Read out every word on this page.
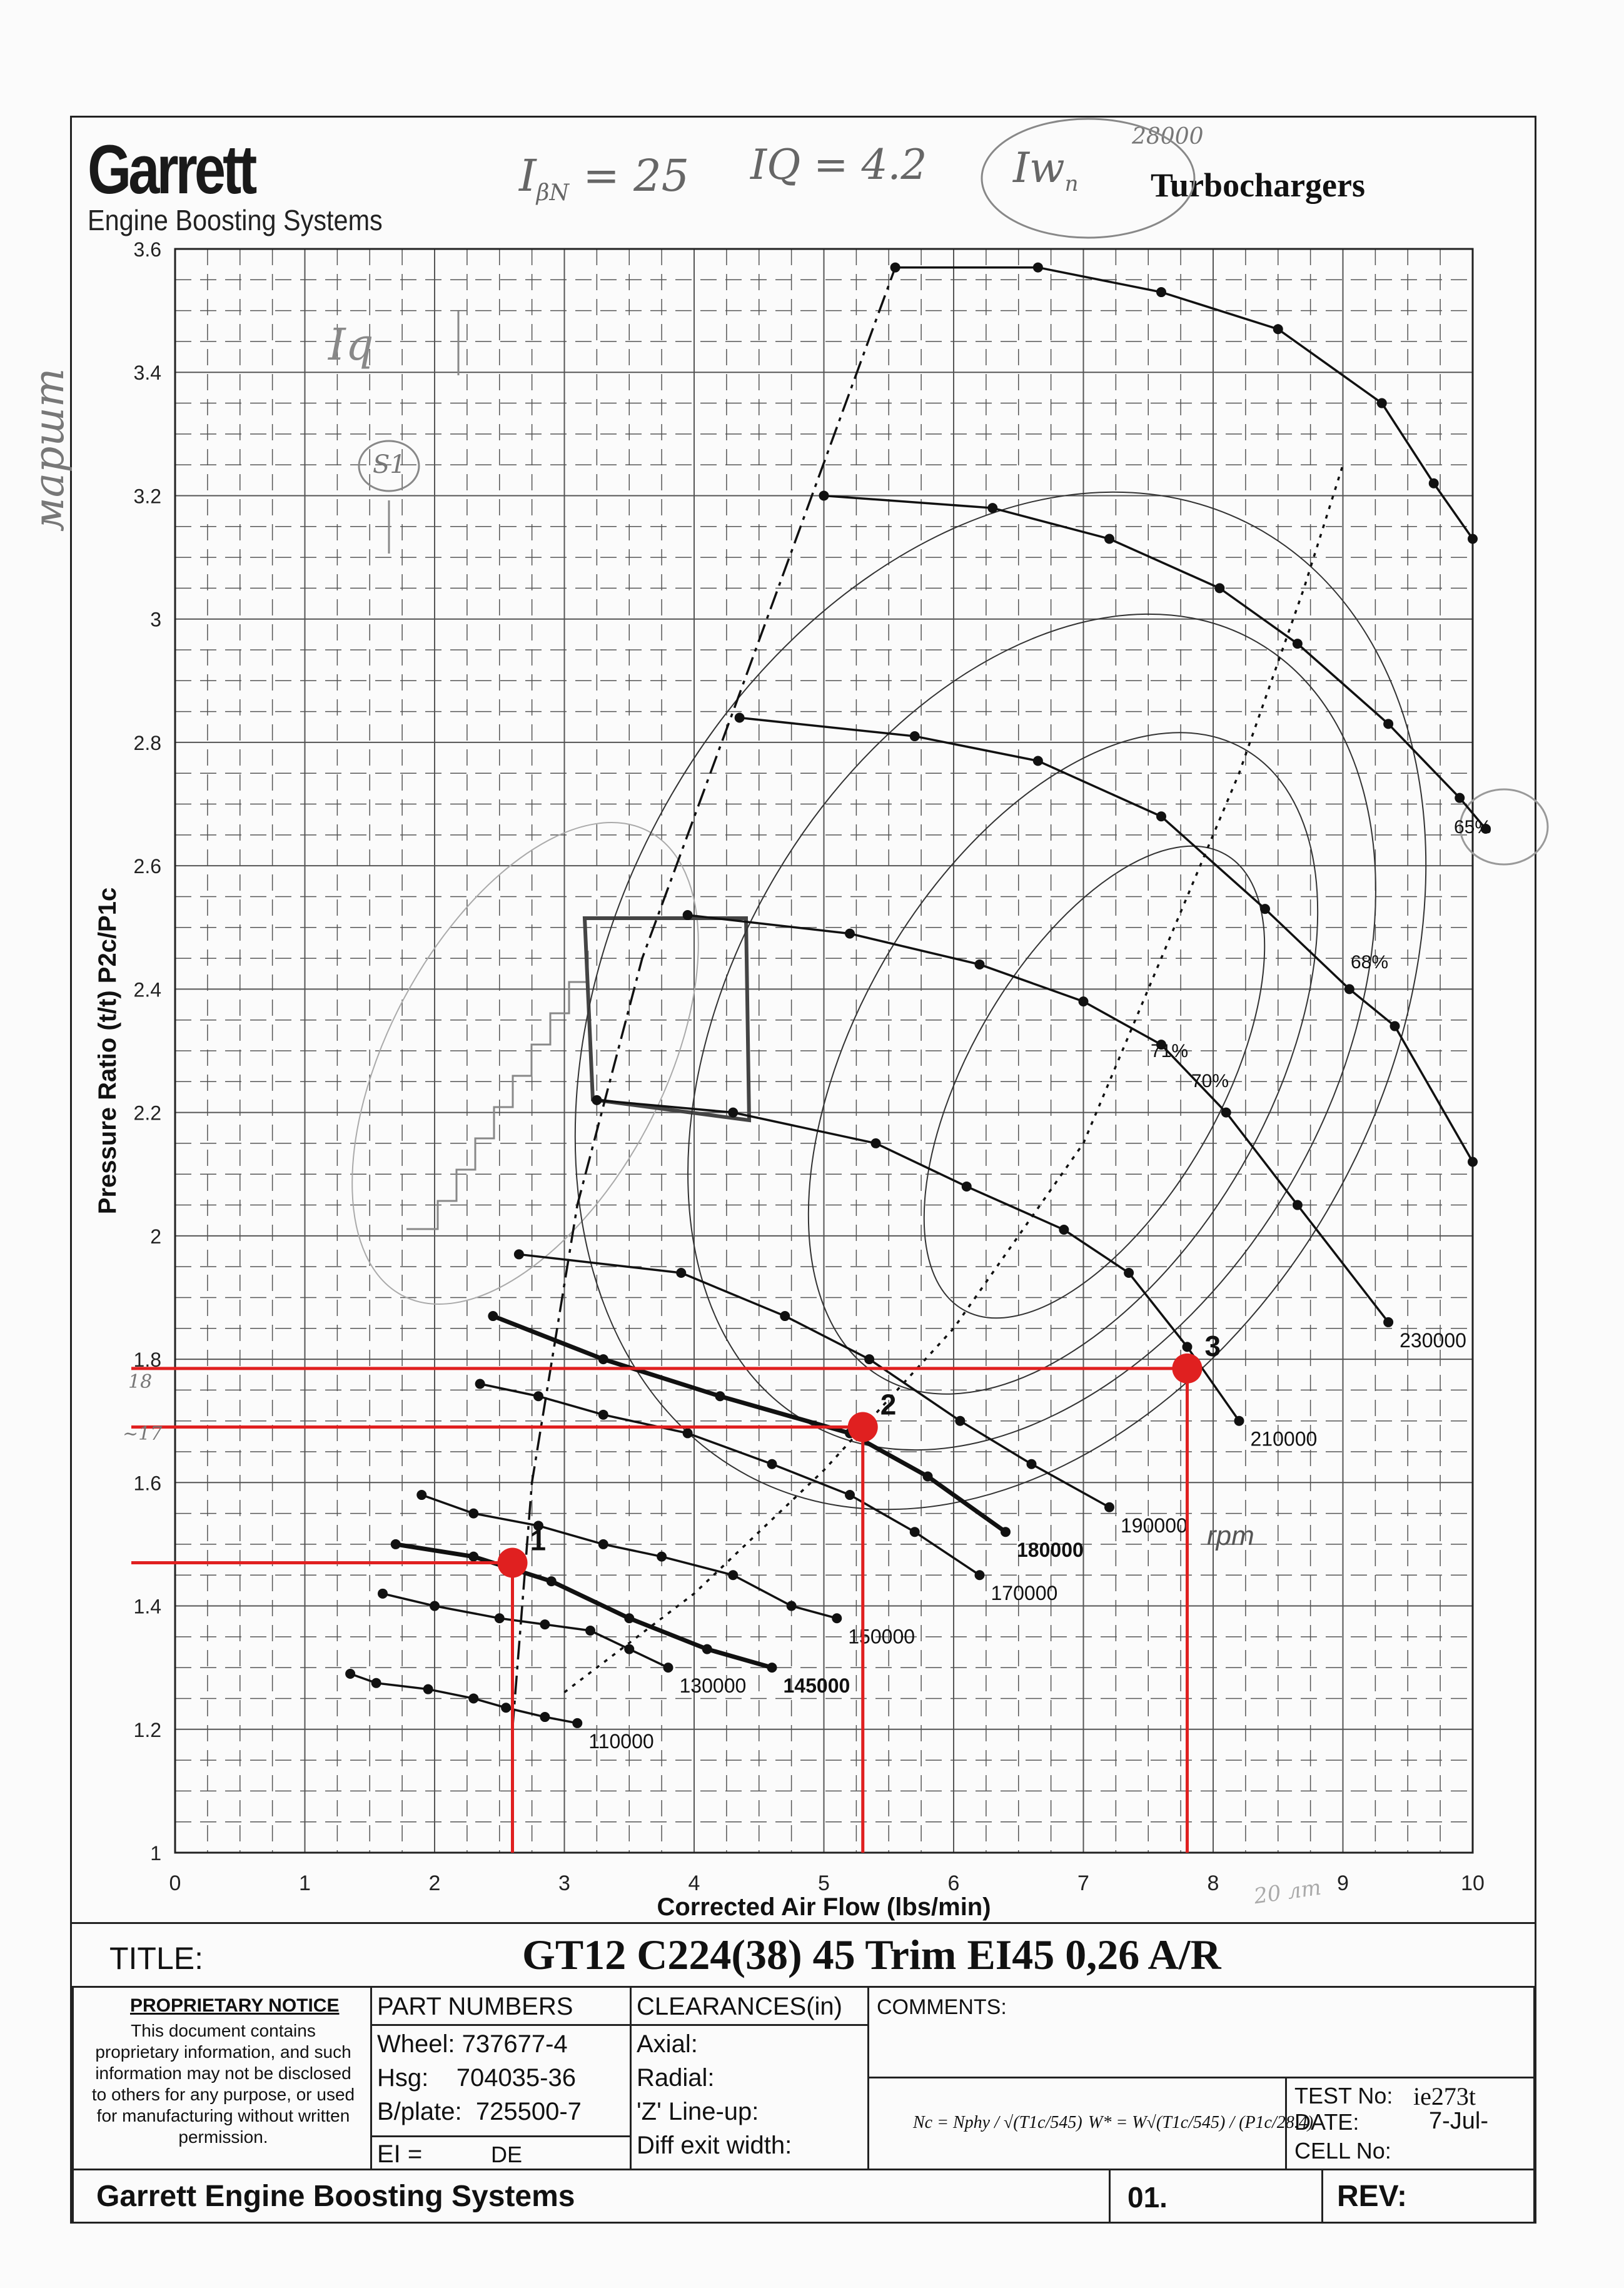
Garrett
Engine Boosting Systems
Turbochargers
$I_{\beta N} = 25$ IQ = 4.2 $Iw_n$
28000
0	1	2	3	4	5	6	7	8	9	10
1
1.2
1.4
1.6
1.8
2
2.2
2.4
2.6
2.8
3
3.2
3.4
3.6
Corrected Air Flow (lbs/min)
Pressure Ratio (t/t) P2c/P1c
110000
130000 145000
150000
170000
180000
190000
210000
230000
65%
68%
70%
71%
rpm
1
2
3
Iq
S1
маршт
20 лт
18
~17
TITLE:	GT12 C224(38) 45 Trim EI45 0,26 A/R
PROPRIETARY NOTICE
This document contains
proprietary information, and such
information may not be disclosed
to others for any purpose, or used
for manufacturing without written
permission.
PART NUMBERS
Wheel: 737677-4
Hsg:    704035-36
B/plate:  725500-7
EI =	DE
CLEARANCES(in)
Axial:
Radial:
'Z' Line-up:
Diff exit width:
COMMENTS:
Nc = Nphy / √(T1c/545) W* = W√(T1c/545) / (P1c/28.4)
TEST No: ie273t
DATE:	7-Jul-
CELL No:
Garrett Engine Boosting Systems	01.	REV:
